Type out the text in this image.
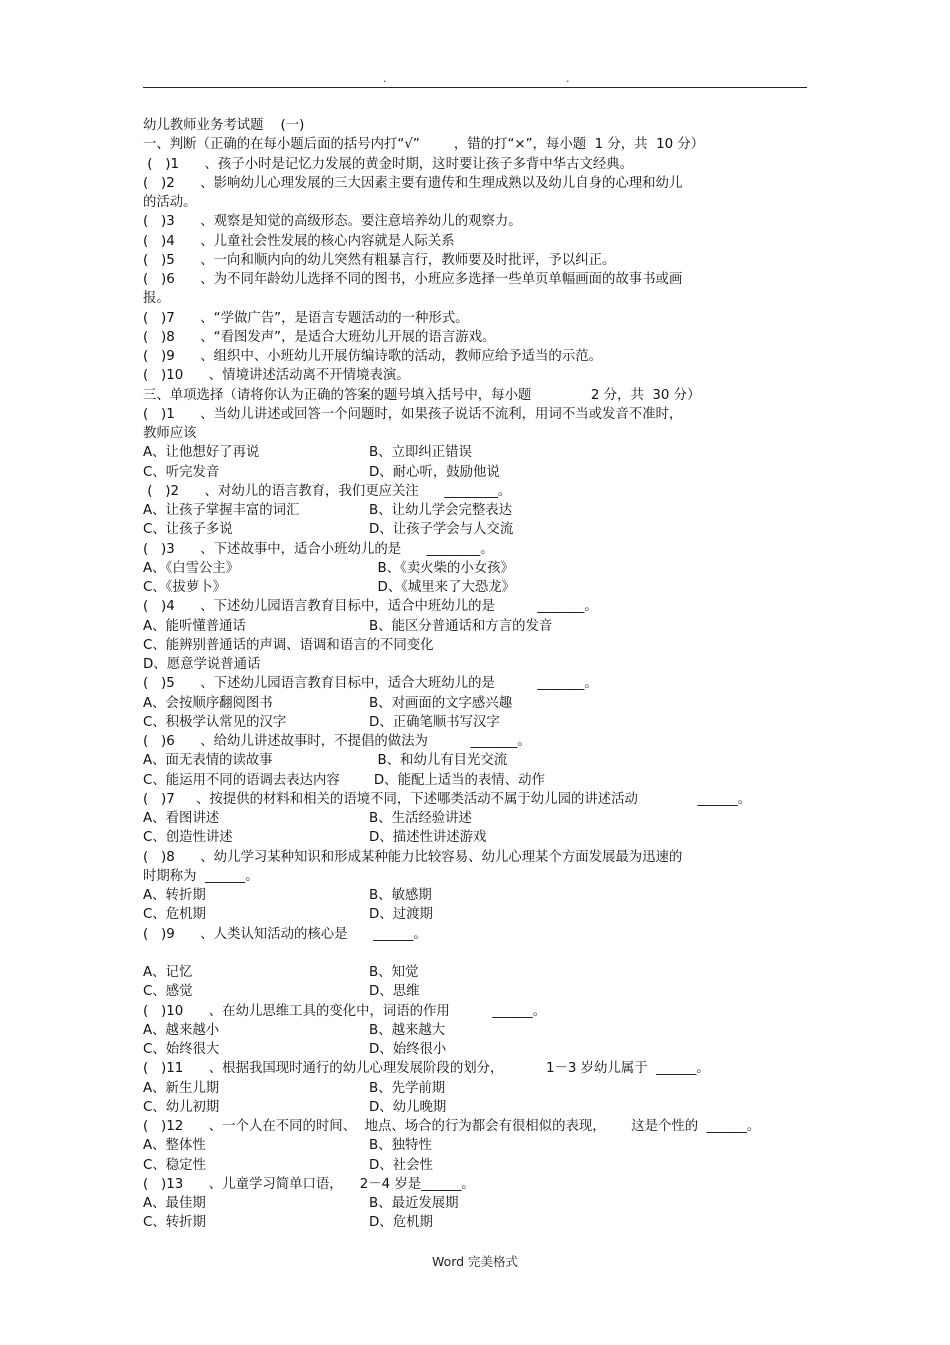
.	.
幼儿教师业务考试题    (一)
一、判断（正确的在每小题后面的括号内打“√”        ，错的打“×”，每小题  1 分，共  10 分）
(   )1      、孩子小时是记忆力发展的黄金时期，这时要让孩子多背中华古文经典。
(   )2      、影响幼儿心理发展的三大因素主要有遗传和生理成熟以及幼儿自身的心理和幼儿
的活动。
(   )3      、观察是知觉的高级形态。要注意培养幼儿的观察力。
(   )4      、儿童社会性发展的核心内容就是人际关系
(   )5      、一向和顺内向的幼儿突然有粗暴言行，教师要及时批评，予以纠正。
(   )6      、为不同年龄幼儿选择不同的图书，小班应多选择一些单页单幅画面的故事书或画
报。
(   )7      、“学做广告”，是语言专题活动的一种形式。
(   )8      、“看图发声”，是适合大班幼儿开展的语言游戏。
(   )9      、组织中、小班幼儿开展仿编诗歌的活动，教师应给予适当的示范。
(   )10      、情境讲述活动离不开情境表演。
三、单项选择（请将你认为正确的答案的题号填入括号中，每小题              2 分，共  30 分）
(   )1      、当幼儿讲述或回答一个问题时，如果孩子说话不流利，用词不当或发音不准时，
教师应该
A、让他想好了再说	B、立即纠正错误
C、听完发音	D、耐心听，鼓励他说
(   )2      、对幼儿的语言教育，我们更应关注      ________。
A、让孩子掌握丰富的词汇	B、让幼儿学会完整表达
C、让孩子多说	D、让孩子学会与人交流
(   )3      、下述故事中，适合小班幼儿的是      ________。
A、《白雪公主》	B、《卖火柴的小女孩》
C、《拔萝卜》	D、《城里来了大恐龙》
(   )4      、下述幼儿园语言教育目标中，适合中班幼儿的是          _______。
A、能听懂普通话	B、能区分普通话和方言的发音
C、能辨别普通话的声调、语调和语言的不同变化
D、愿意学说普通话
(   )5      、下述幼儿园语言教育目标中，适合大班幼儿的是          _______。
A、会按顺序翻阅图书	B、对画面的文字感兴趣
C、积极学认常见的汉字	D、正确笔顺书写汉字
(   )6      、给幼儿讲述故事时，不提倡的做法为          _______。
A、面无表情的读故事	B、和幼儿有目光交流
C、能运用不同的语调去表达内容        D、能配上适当的表情、动作
(   )7     、按提供的材料和相关的语境不同，下述哪类活动不属于幼儿园的讲述活动              ______。
A、看图讲述	B、生活经验讲述
C、创造性讲述	D、描述性讲述游戏
(   )8      、幼儿学习某种知识和形成某种能力比较容易、幼儿心理某个方面发展最为迅速的
时期称为  ______。
A、转折期	B、敏感期
C、危机期	D、过渡期
(   )9      、人类认知活动的核心是      ______。
A、记忆	B、知觉
C、感觉	D、思维
(   )10      、在幼儿思维工具的变化中，词语的作用          ______。
A、越来越小	B、越来越大
C、始终很大	D、始终很小
(   )11      、根据我国现时通行的幼儿心理发展阶段的划分，          1－3 岁幼儿属于  ______。
A、新生儿期	B、先学前期
C、幼儿初期	D、幼儿晚期
(   )12      、一个人在不同的时间、  地点、场合的行为都会有很相似的表现，      这是个性的  ______。
A、整体性	B、独特性
C、稳定性	D、社会性
(   )13      、儿童学习简单口语，    2－4 岁是______。
A、最佳期	B、最近发展期
C、转折期	D、危机期
Word 完美格式
